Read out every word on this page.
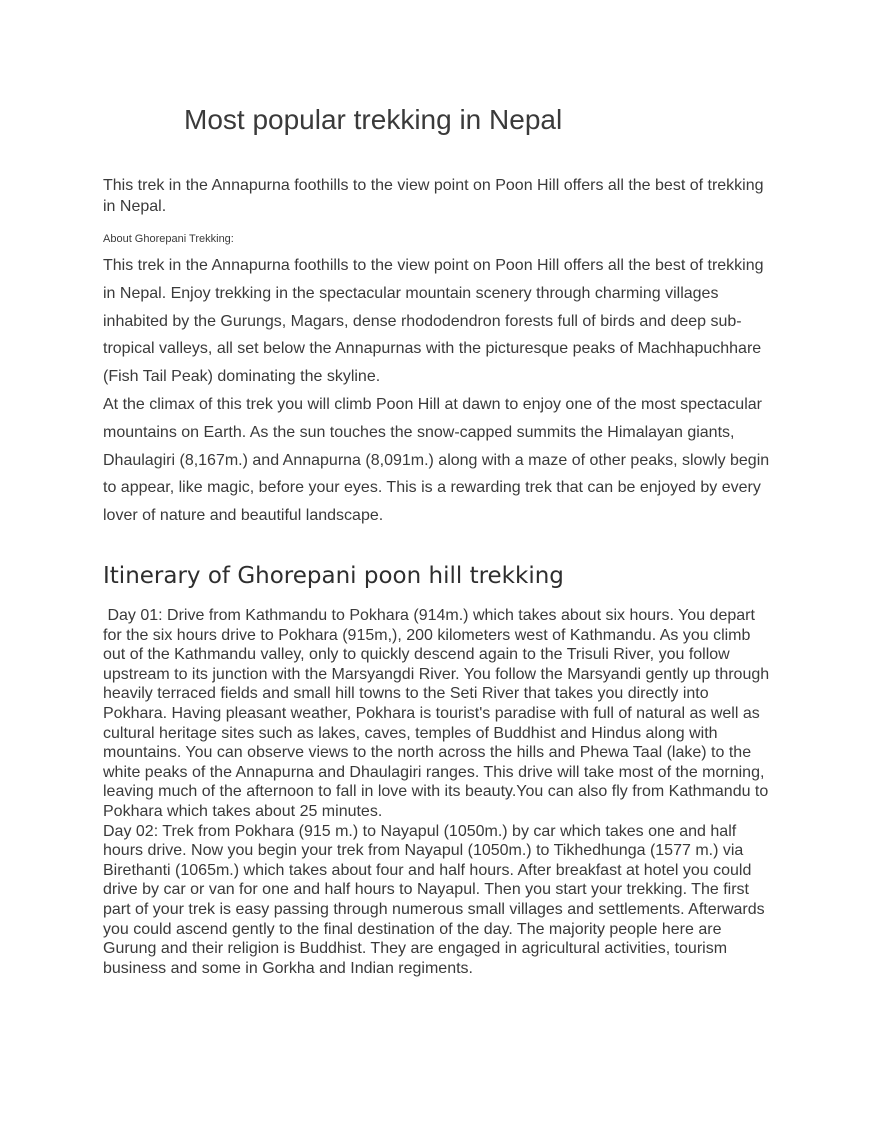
Most popular trekking in Nepal

This trek in the Annapurna foothills to the view point on Poon Hill offers all the best of trekking in Nepal.

About Ghorepani Trekking:

This trek in the Annapurna foothills to the view point on Poon Hill offers all the best of trekking in Nepal. Enjoy trekking in the spectacular mountain scenery through charming villages inhabited by the Gurungs, Magars, dense rhododendron forests full of birds and deep sub-tropical valleys, all set below the Annapurnas with the picturesque peaks of Machhapuchhare (Fish Tail Peak) dominating the skyline.

At the climax of this trek you will climb Poon Hill at dawn to enjoy one of the most spectacular mountains on Earth. As the sun touches the snow-capped summits the Himalayan giants, Dhaulagiri (8,167m.) and Annapurna (8,091m.) along with a maze of other peaks, slowly begin to appear, like magic, before your eyes. This is a rewarding trek that can be enjoyed by every lover of nature and beautiful landscape.

Itinerary of Ghorepani poon hill trekking

Day 01: Drive from Kathmandu to Pokhara (914m.) which takes about six hours. You depart for the six hours drive to Pokhara (915m,), 200 kilometers west of Kathmandu. As you climb out of the Kathmandu valley, only to quickly descend again to the Trisuli River, you follow upstream to its junction with the Marsyangdi River. You follow the Marsyandi gently up through heavily terraced fields and small hill towns to the Seti River that takes you directly into Pokhara. Having pleasant weather, Pokhara is tourist's paradise with full of natural as well as cultural heritage sites such as lakes, caves, temples of Buddhist and Hindus along with mountains. You can observe views to the north across the hills and Phewa Taal (lake) to the white peaks of the Annapurna and Dhaulagiri ranges. This drive will take most of the morning, leaving much of the afternoon to fall in love with its beauty.You can also fly from Kathmandu to Pokhara which takes about 25 minutes.

Day 02: Trek from Pokhara (915 m.) to Nayapul (1050m.) by car which takes one and half hours drive. Now you begin your trek from Nayapul (1050m.) to Tikhedhunga (1577 m.) via Birethanti (1065m.) which takes about four and half hours. After breakfast at hotel you could drive by car or van for one and half hours to Nayapul. Then you start your trekking. The first part of your trek is easy passing through numerous small villages and settlements. Afterwards you could ascend gently to the final destination of the day. The majority people here are Gurung and their religion is Buddhist. They are engaged in agricultural activities, tourism business and some in Gorkha and Indian regiments.
